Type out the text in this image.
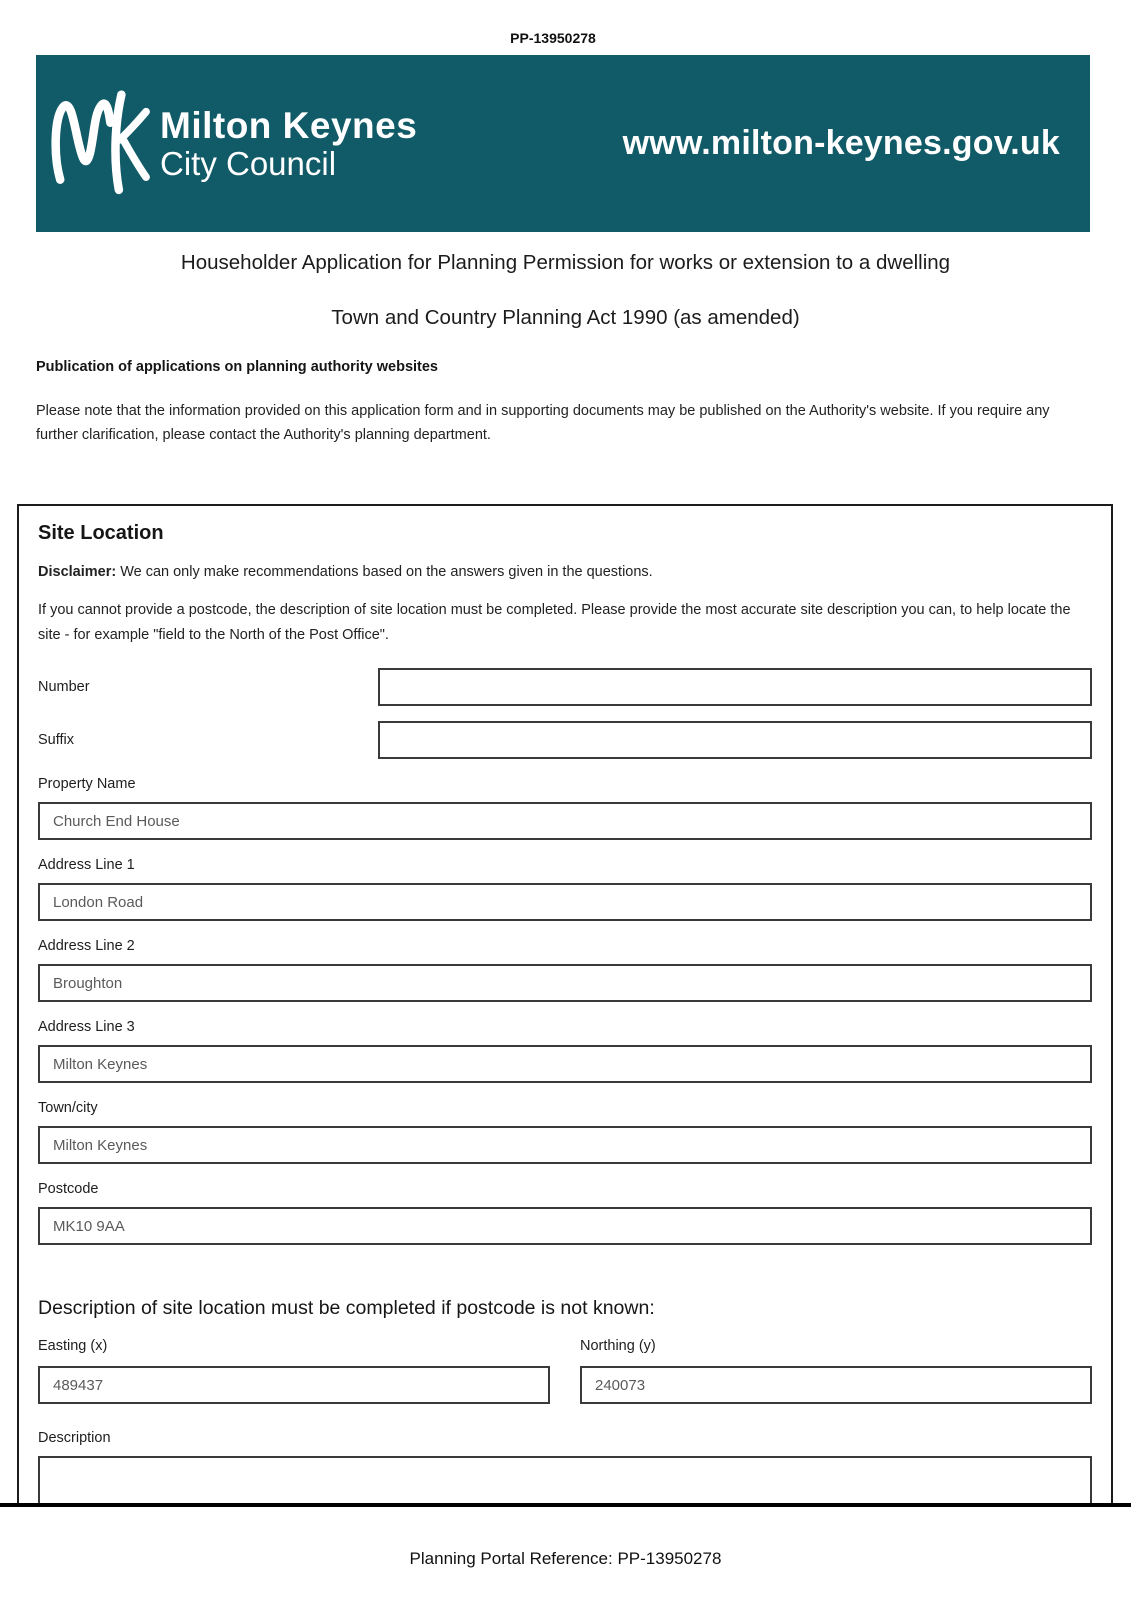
PP-13950278
Milton Keynes
City Council
www.milton-keynes.gov.uk
Householder Application for Planning Permission for works or extension to a dwelling
Town and Country Planning Act 1990 (as amended)
Publication of applications on planning authority websites
Please note that the information provided on this application form and in supporting documents may be published on the Authority's website. If you require any further clarification, please contact the Authority's planning department.
Site Location
Disclaimer: We can only make recommendations based on the answers given in the questions.
If you cannot provide a postcode, the description of site location must be completed. Please provide the most accurate site description you can, to help locate the site - for example "field to the North of the Post Office".
Number
Suffix
Property Name
Church End House
Address Line 1
London Road
Address Line 2
Broughton
Address Line 3
Milton Keynes
Town/city
Milton Keynes
Postcode
MK10 9AA
Description of site location must be completed if postcode is not known:
Easting (x)
489437	Northing (y)
240073
Description
Planning Portal Reference: PP-13950278
